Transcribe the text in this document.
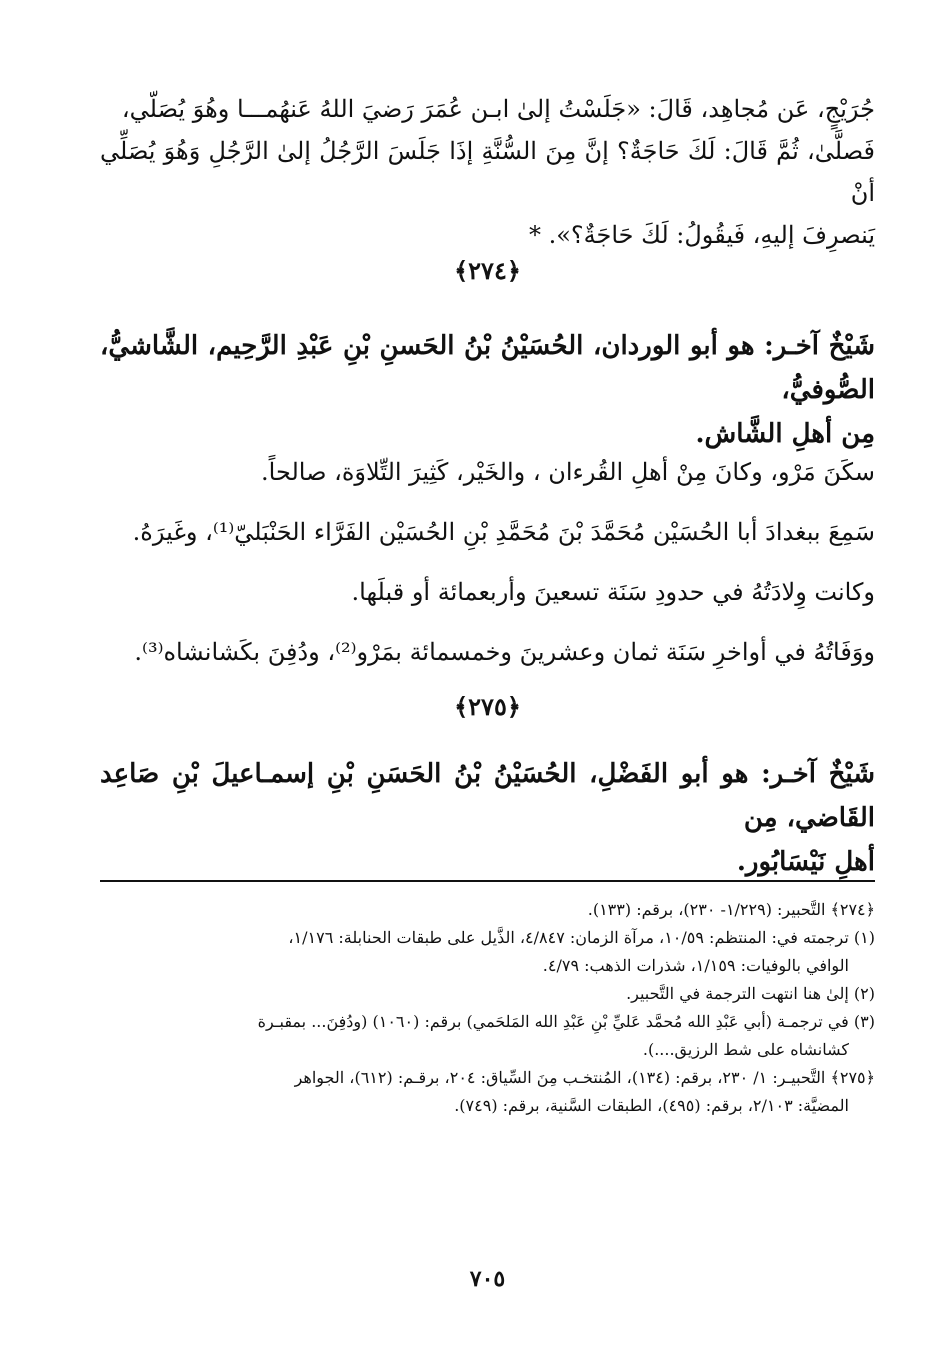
جُرَيْجٍ، عَن مُجاهِد، قَالَ: «جَلَسْتُ إلىٰ ابـن عُمَرَ رَضيَ اللهُ عَنهُمـــا وهُوَ يُصَلّي،

فَصلَّىٰ، ثُمَّ قَالَ: لَكَ حَاجَةٌ؟ إنَّ مِنَ السُّنَّةِ إذَا جَلَسَ الرَّجُلُ إلىٰ الرَّجُلِ وَهُوَ يُصَلِّي أنْ

يَنصرِفَ إليهِ، فَيقُولُ: لَكَ حَاجَةٌ؟». *

﴿٢٧٤﴾

شَيْخٌ آخـر: هو أبو الوردان، الحُسَيْنُ بْنُ الحَسنِ بْنِ عَبْدِ الرَّحِيم، الشَّاشيُّ، الصُّوفيُّ،

مِن أهلِ الشَّاش.

سكَنَ مَرْو، وكانَ مِنْ أهلِ القُرءان ، والخَيْر، كَثِيرَ التِّلاوَة، صالحاً.

سَمِعَ ببغدادَ أبا الحُسَيْن مُحَمَّدَ بْنَ مُحَمَّدِ بْنِ الحُسَيْن الفَرَّاء الحَنْبَليّ⁽¹⁾، وغَيرَهُ.

وكانت وِلادَتُهُ في حدودِ سَنَة تسعينَ وأربعمائة أو قبلَها.

ووَفَاتُهُ في أواخرِ سَنَة ثمان وعشرينَ وخمسمائة بمَرْو⁽²⁾، ودُفِنَ بكَشانشاه⁽³⁾.

﴿٢٧٥﴾

شَيْخٌ آخـر: هو أبو الفَضْلِ، الحُسَيْنُ بْنُ الحَسَنِ بْنِ إسمـاعيلَ بْنِ صَاعِد القَاضي، مِن

أهلِ نَيْسَابُور.

﴿٢٧٤﴾ التَّحبير: (١/٢٢٩- ٢٣٠)، برقم: (١٣٣).

(١) ترجمته في: المنتظم: ١٠/٥٩، مرآة الزمان: ٤/٨٤٧، الذَّيل على طبقات الحنابلة: ١/١٧٦،

الوافي بالوفيات: ١/١٥٩، شذرات الذهب: ٤/٧٩.

(٢) إلىٰ هنا انتهت الترجمة في التَّحبير.

(٣) في ترجمـة (أبي عَبْدِ الله مُحمَّد عَليِّ بْنِ عَبْدِ الله المَلحَمي) برقم: (١٠٦٠) (ودُفِنَ... بمقبـرة

كشانشاه على شط الرزيق....).

﴿٢٧٥﴾ التَّحبيـر: ١/ ٢٣٠، برقم: (١٣٤)، المُنتخـب مِنَ السِّياق: ٢٠٤، برقـم: (٦١٢)، الجواهر

المضيَّة: ٢/١٠٣، برقم: (٤٩٥)، الطبقات السَّنية، برقم: (٧٤٩).

٧٠٥
